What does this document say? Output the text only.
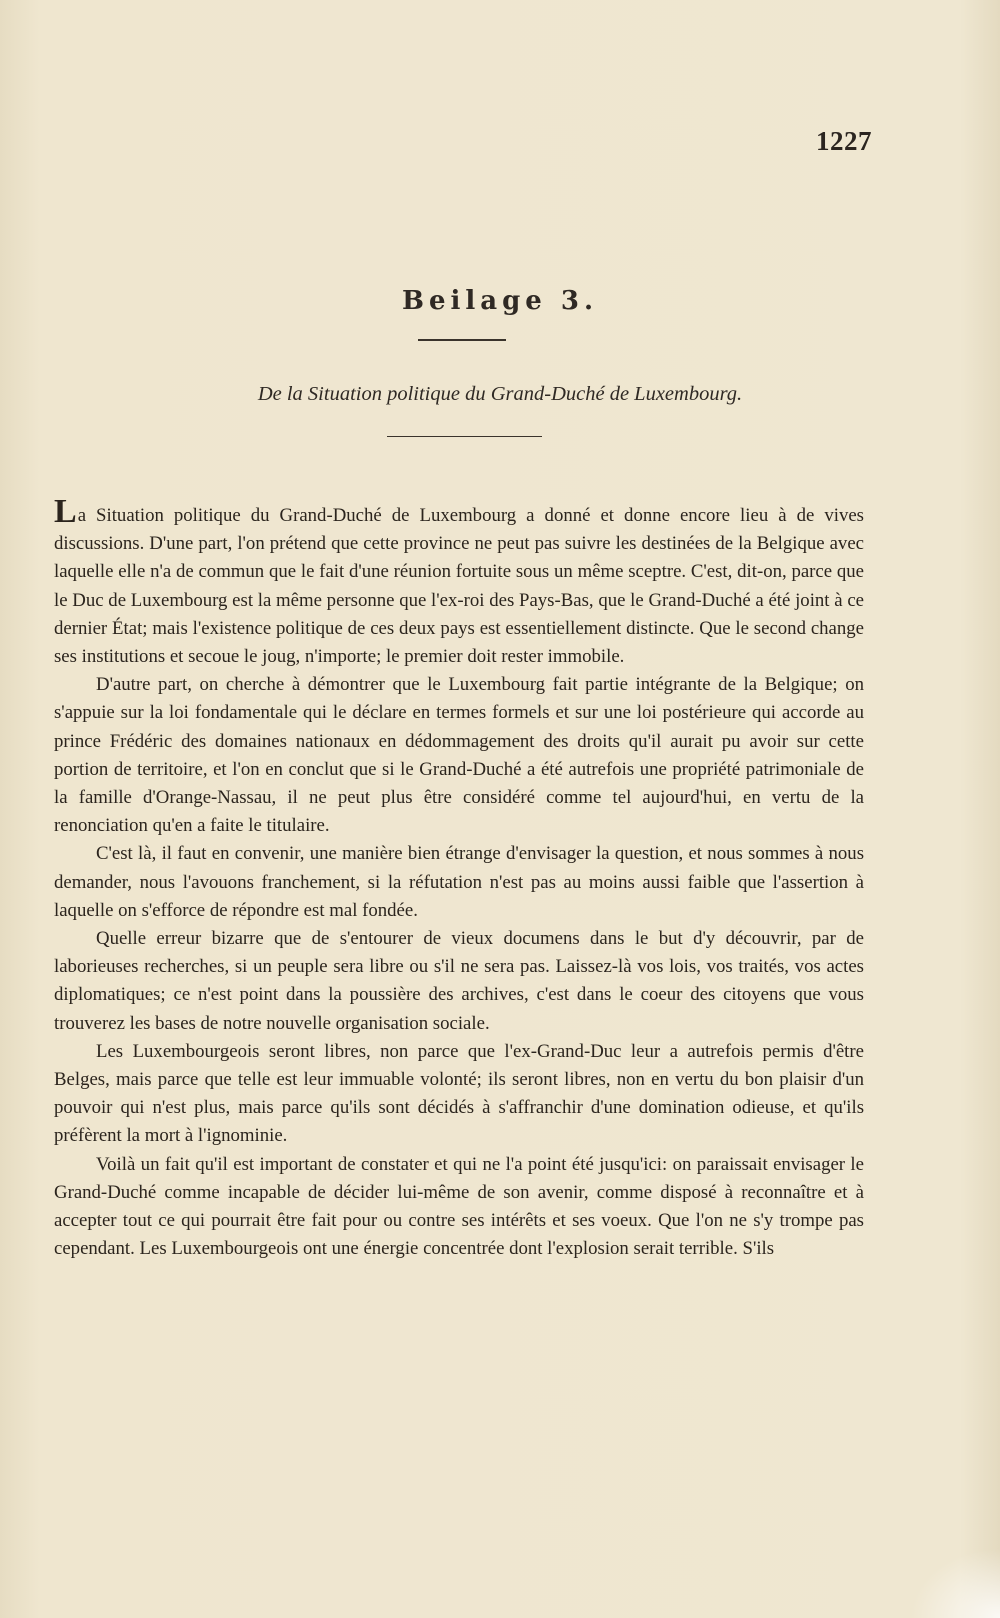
1227
Beilage 3.
De la Situation politique du Grand-Duché de Luxembourg.

La Situation politique du Grand-Duché de Luxembourg a donné et donne encore lieu à de vives discussions. D'une part, l'on prétend que cette province ne peut pas suivre les destinées de la Belgique avec laquelle elle n'a de commun que le fait d'une réunion fortuite sous un même sceptre. C'est, dit-on, parce que le Duc de Luxembourg est la même personne que l'ex-roi des Pays-Bas, que le Grand-Duché a été joint à ce dernier État; mais l'existence politique de ces deux pays est essentiellement distincte. Que le second change ses institutions et secoue le joug, n'importe; le premier doit rester immobile.

D'autre part, on cherche à démontrer que le Luxembourg fait partie intégrante de la Belgique; on s'appuie sur la loi fondamentale qui le déclare en termes formels et sur une loi postérieure qui accorde au prince Frédéric des domaines nationaux en dédommagement des droits qu'il aurait pu avoir sur cette portion de territoire, et l'on en conclut que si le Grand-Duché a été autrefois une propriété patrimoniale de la famille d'Orange-Nassau, il ne peut plus être considéré comme tel aujourd'hui, en vertu de la renonciation qu'en a faite le titulaire.

C'est là, il faut en convenir, une manière bien étrange d'envisager la question, et nous sommes à nous demander, nous l'avouons franchement, si la réfutation n'est pas au moins aussi faible que l'assertion à laquelle on s'efforce de répondre est mal fondée.

Quelle erreur bizarre que de s'entourer de vieux documens dans le but d'y découvrir, par de laborieuses recherches, si un peuple sera libre ou s'il ne sera pas. Laissez-là vos lois, vos traités, vos actes diplomatiques; ce n'est point dans la poussière des archives, c'est dans le coeur des citoyens que vous trouverez les bases de notre nouvelle organisation sociale.

Les Luxembourgeois seront libres, non parce que l'ex-Grand-Duc leur a autrefois permis d'être Belges, mais parce que telle est leur immuable volonté; ils seront libres, non en vertu du bon plaisir d'un pouvoir qui n'est plus, mais parce qu'ils sont décidés à s'affranchir d'une domination odieuse, et qu'ils préfèrent la mort à l'ignominie.

Voilà un fait qu'il est important de constater et qui ne l'a point été jusqu'ici: on paraissait envisager le Grand-Duché comme incapable de décider lui-même de son avenir, comme disposé à reconnaître et à accepter tout ce qui pourrait être fait pour ou contre ses intérêts et ses voeux. Que l'on ne s'y trompe pas cependant. Les Luxembourgeois ont une énergie concentrée dont l'explosion serait terrible. S'ils
